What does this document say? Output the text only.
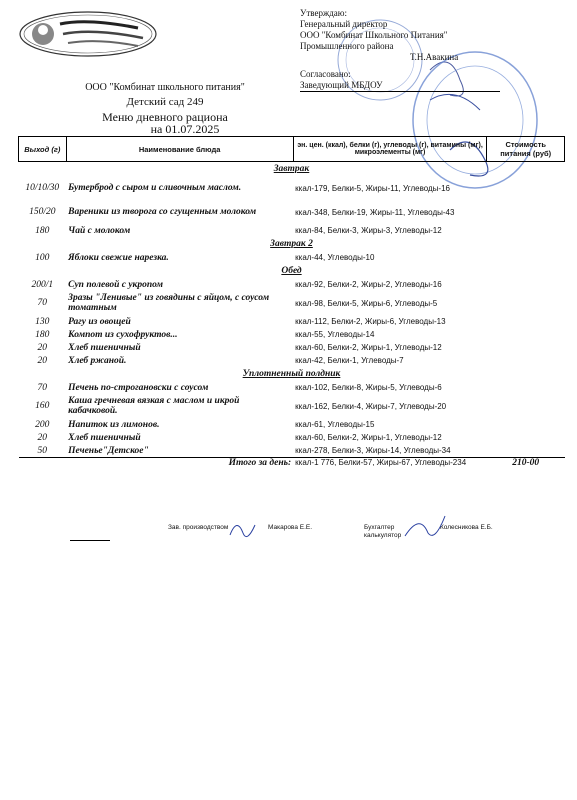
Утверждаю:
Генеральный директор
ООО "Комбинат Школьного Питания"
Промышленного района
Т.Н.Авакина
Согласовано:
Заведующий МБДОУ
ООО "Комбинат школьного питания"
Детский сад 249
Меню дневного рациона
на 01.07.2025
Выход (г)	Наименование блюда	эн. цен. (ккал), белки (г), углеводы (г), витамины (мг), микроэлементы (мг)	Стоимость питания (руб)
Завтрак			
10/10/30	Бутерброд с сыром и сливочным маслом.	ккал-179, Белки-5, Жиры-11, Углеводы-16	
150/20	Вареники из творога со сгущенным молоком	ккал-348, Белки-19, Жиры-11, Углеводы-43	
180	Чай с молоком	ккал-84, Белки-3, Жиры-3, Углеводы-12	
Завтрак 2			
100	Яблоки свежие нарезка.	ккал-44, Углеводы-10	
Обед			
200/1	Суп полевой с укропом	ккал-92, Белки-2, Жиры-2, Углеводы-16	
70	Зразы "Ленивые" из говядины с яйцом, с соусом томатным	ккал-98, Белки-5, Жиры-6, Углеводы-5	
130	Рагу из овощей	ккал-112, Белки-2, Жиры-6, Углеводы-13	
180	Компот из сухофруктов...	ккал-55, Углеводы-14	
20	Хлеб пшеничный	ккал-60, Белки-2, Жиры-1, Углеводы-12	
20	Хлеб ржаной.	ккал-42, Белки-1, Углеводы-7	
Уплотненный полдник			
70	Печень по-строгановски с соусом	ккал-102, Белки-8, Жиры-5, Углеводы-6	
160	Каша гречневая вязкая с маслом и икрой кабачковой.	ккал-162, Белки-4, Жиры-7, Углеводы-20	
200	Напиток из лимонов.	ккал-61, Углеводы-15	
20	Хлеб пшеничный	ккал-60, Белки-2, Жиры-1, Углеводы-12	
50	Печенье"Детское"	ккал-278, Белки-3, Жиры-14, Углеводы-34	
	Итого за день:	ккал-1 776, Белки-57, Жиры-67, Углеводы-234	210-00
Зав. производством	Макарова Е.Е.	Бухгалтер калькулятор
Колесникова Е.Б.
